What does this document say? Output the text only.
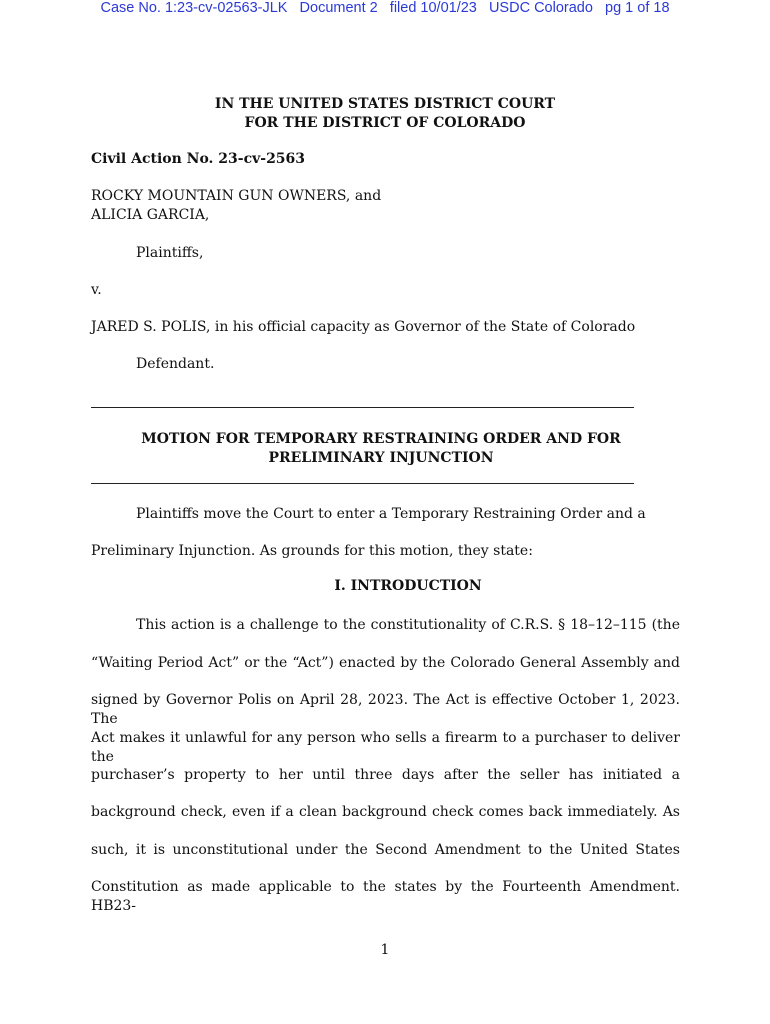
Case No. 1:23-cv-02563-JLK   Document 2   filed 10/01/23   USDC Colorado   pg 1 of 18
IN THE UNITED STATES DISTRICT COURT
FOR THE DISTRICT OF COLORADO
Civil Action No. 23-cv-2563
ROCKY MOUNTAIN GUN OWNERS, and
ALICIA GARCIA,
Plaintiffs,
v.
JARED S. POLIS, in his official capacity as Governor of the State of Colorado
Defendant.
MOTION FOR TEMPORARY RESTRAINING ORDER AND FOR
PRELIMINARY INJUNCTION
Plaintiffs move the Court to enter a Temporary Restraining Order and a
Preliminary Injunction. As grounds for this motion, they state:
I. INTRODUCTION
This action is a challenge to the constitutionality of C.R.S. § 18–12–115 (the
“Waiting Period Act” or the “Act”) enacted by the Colorado General Assembly and
signed by Governor Polis on April 28, 2023. The Act is effective October 1, 2023. The
Act makes it unlawful for any person who sells a firearm to a purchaser to deliver the
purchaser’s property to her until three days after the seller has initiated a
background check, even if a clean background check comes back immediately. As
such, it is unconstitutional under the Second Amendment to the United States
Constitution as made applicable to the states by the Fourteenth Amendment. HB23-
1
